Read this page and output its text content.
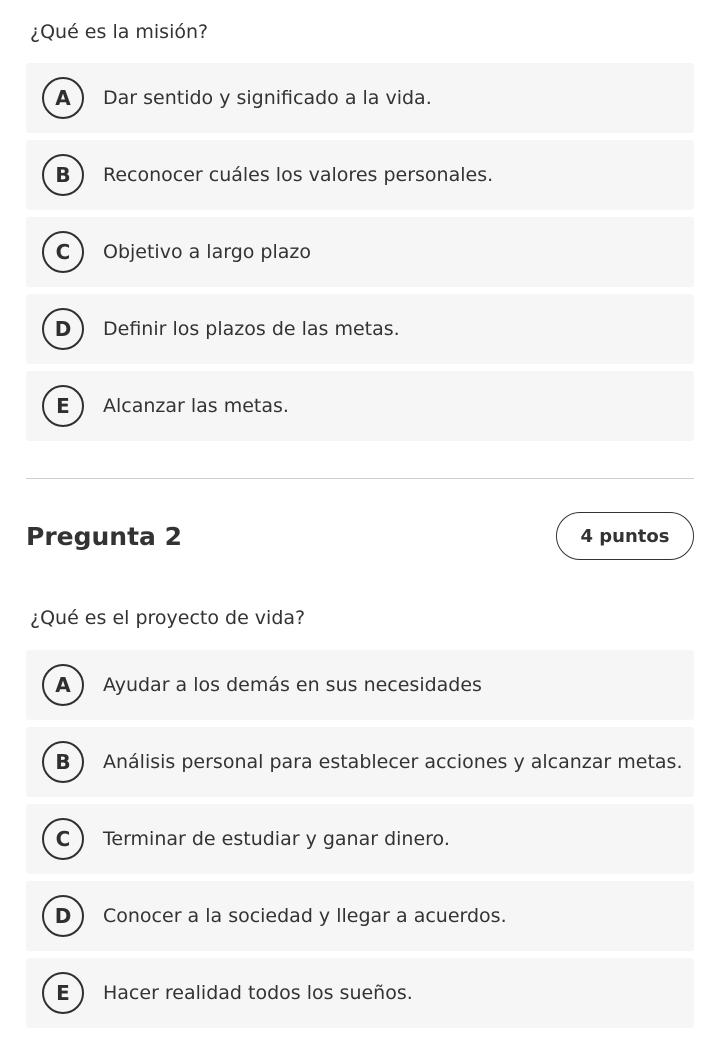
¿Qué es la misión?
A	Dar sentido y significado a la vida.
B	Reconocer cuáles los valores personales.
C	Objetivo a largo plazo
D	Definir los plazos de las metas.
E	Alcanzar las metas.
Pregunta 2	4 puntos
¿Qué es el proyecto de vida?
A	Ayudar a los demás en sus necesidades
B	Análisis personal para establecer acciones y alcanzar metas.
C	Terminar de estudiar y ganar dinero.
D	Conocer a la sociedad y llegar a acuerdos.
E	Hacer realidad todos los sueños.
